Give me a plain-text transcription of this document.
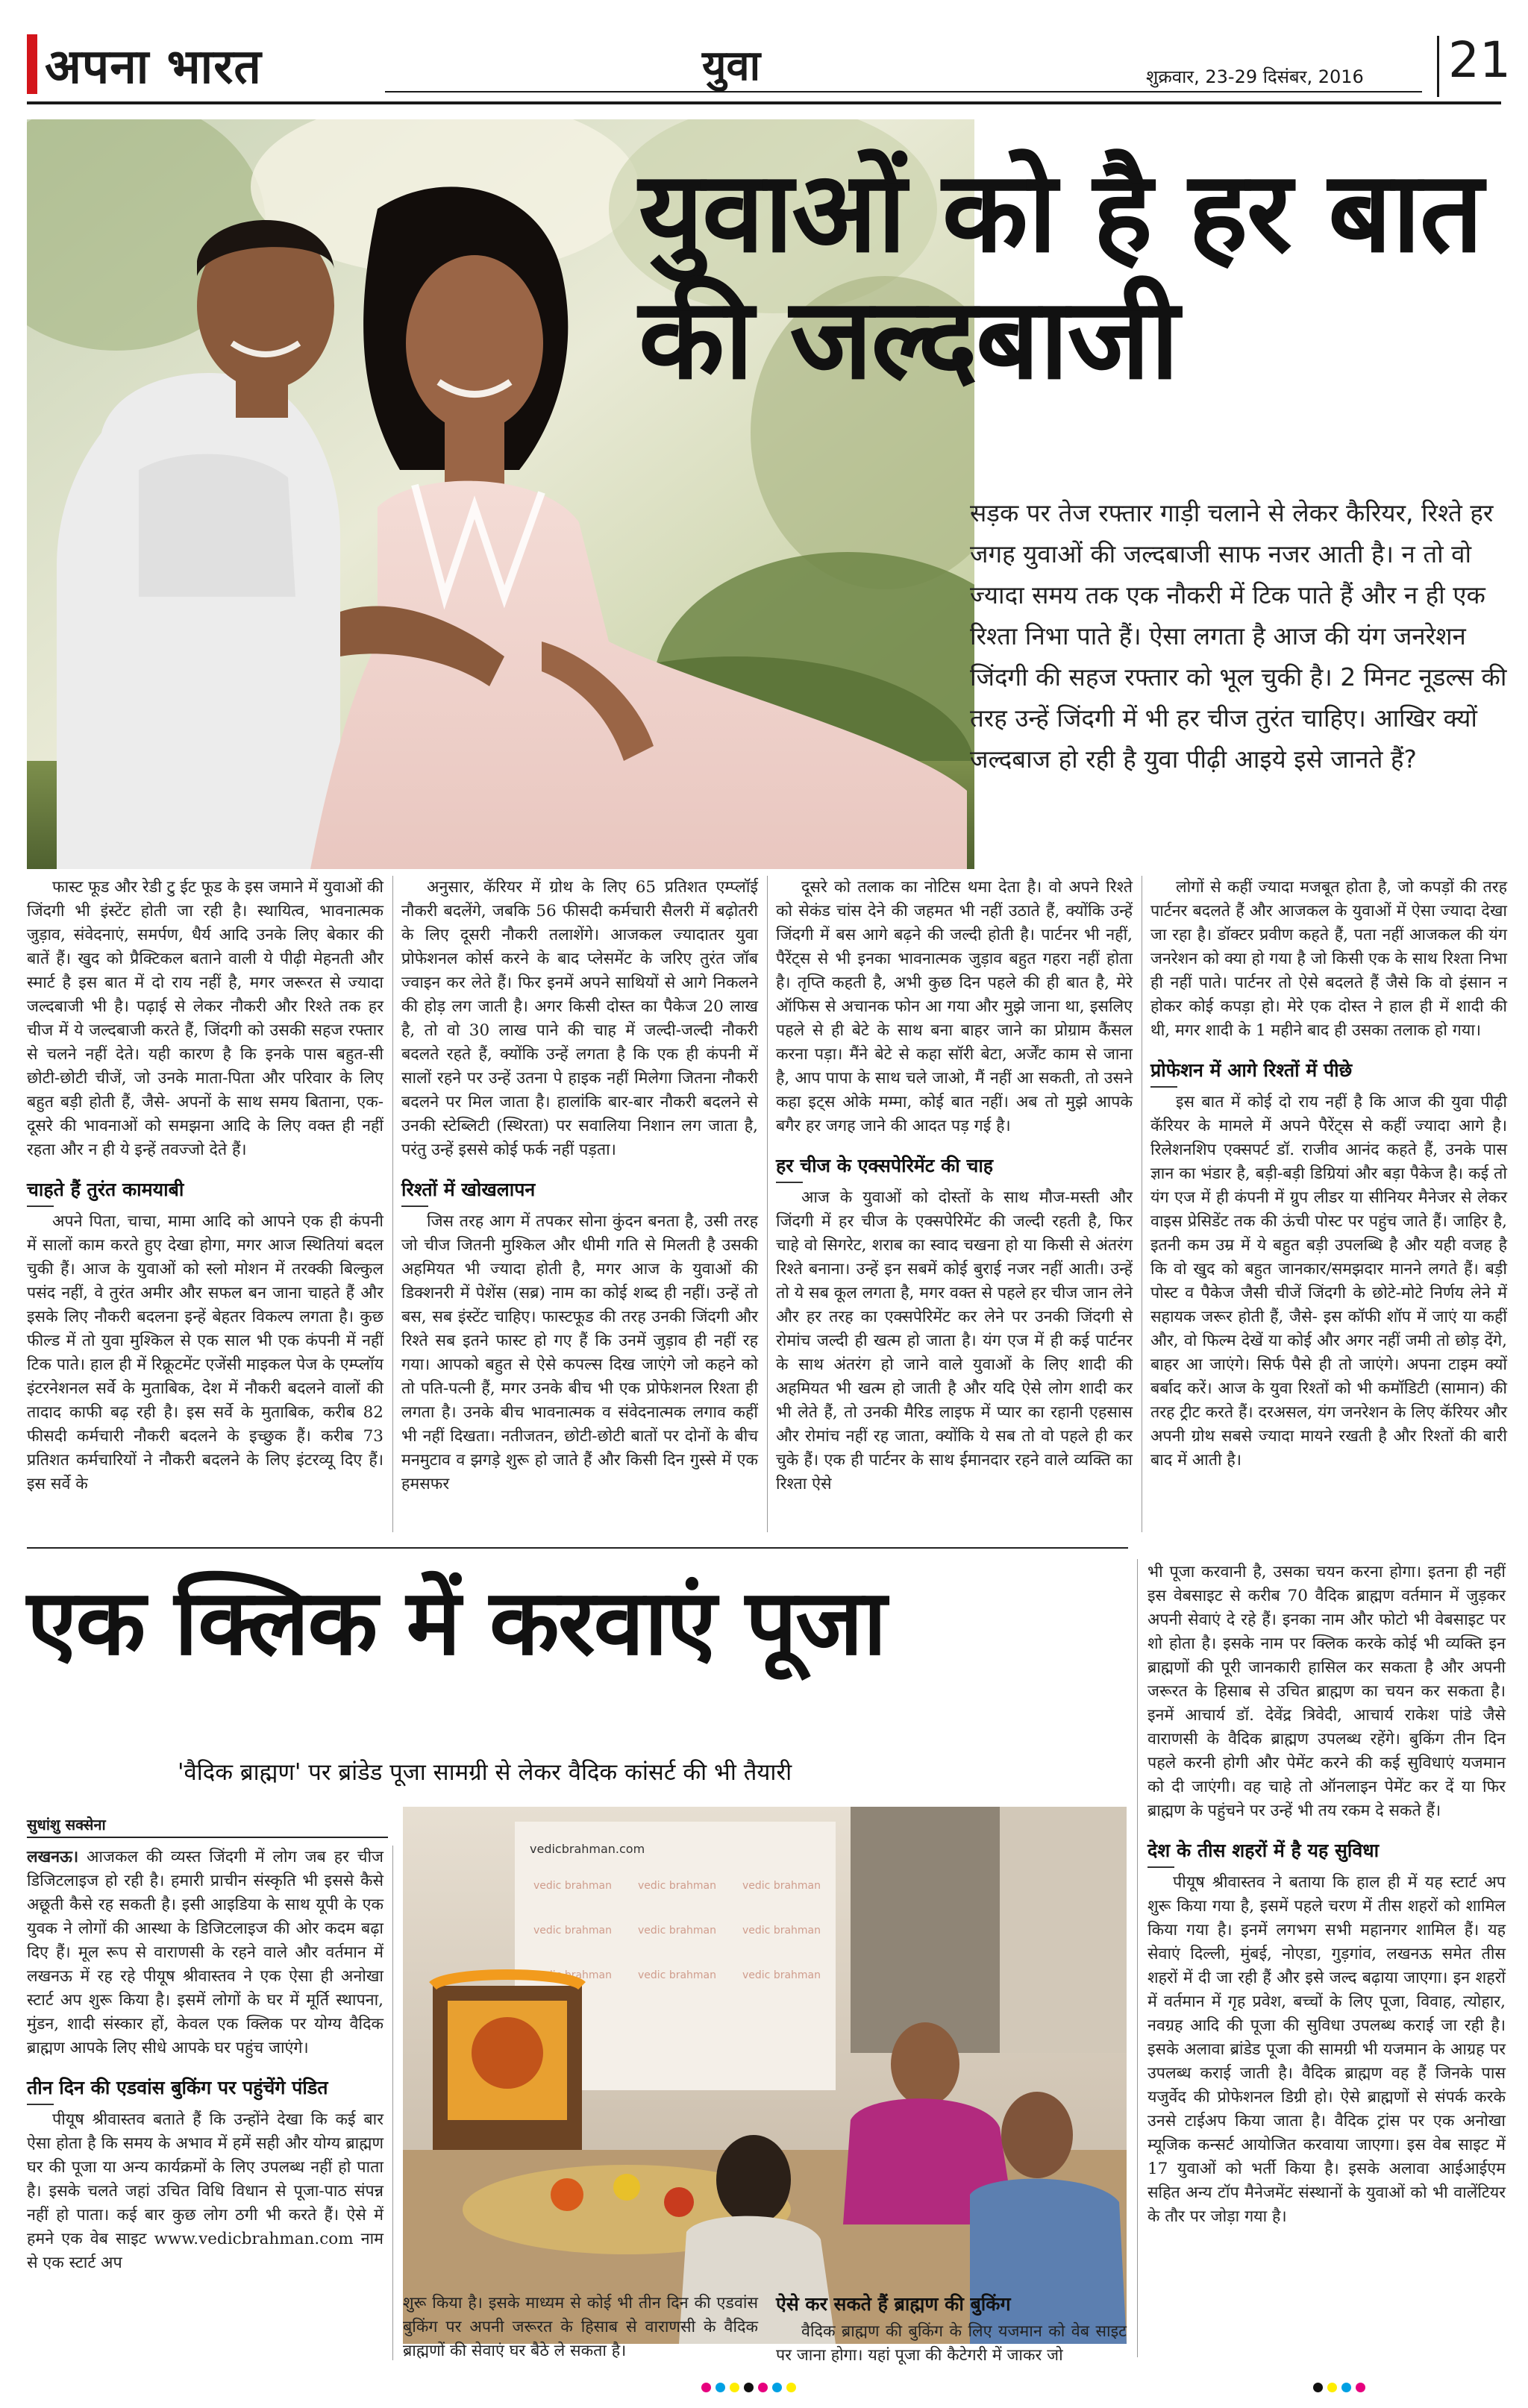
अपना भारत	युवा	शुक्रवार, 23-29 दिसंबर, 2016 21
युवाओं को है हर बात की जल्दबाजी
सड़क पर तेज रफ्तार गाड़ी चलाने से लेकर कैरियर, रिश्ते हर जगह युवाओं की जल्दबाजी साफ नजर आती है। न तो वो ज्यादा समय तक एक नौकरी में टिक पाते हैं और न ही एक रिश्ता निभा पाते हैं। ऐसा लगता है आज की यंग जनरेशन जिंदगी की सहज रफ्तार को भूल चुकी है। 2 मिनट नूडल्स की तरह उन्हें जिंदगी में भी हर चीज तुरंत चाहिए। आखिर क्यों जल्दबाज हो रही है युवा पीढ़ी आइये इसे जानते हैं?

फास्ट फूड और रेडी टु ईट फूड के इस जमाने में युवाओं की जिंदगी भी इंस्टेंट होती जा रही है। स्थायित्व, भावनात्मक जुड़ाव, संवेदनाएं, समर्पण, धैर्य आदि उनके लिए बेकार की बातें हैं। खुद को प्रैक्टिकल बताने वाली ये पीढ़ी मेहनती और स्मार्ट है इस बात में दो राय नहीं है, मगर जरूरत से ज्यादा जल्दबाजी भी है। पढ़ाई से लेकर नौकरी और रिश्ते तक हर चीज में ये जल्दबाजी करते हैं, जिंदगी को उसकी सहज रफ्तार से चलने नहीं देते। यही कारण है कि इनके पास बहुत-सी छोटी-छोटी चीजें, जो उनके माता-पिता और परिवार के लिए बहुत बड़ी होती हैं, जैसे- अपनों के साथ समय बिताना, एक-दूसरे की भावनाओं को समझना आदि के लिए वक्त ही नहीं रहता और न ही ये इन्हें तवज्जो देते हैं।

चाहते हैं तुरंत कामयाबी

अपने पिता, चाचा, मामा आदि को आपने एक ही कंपनी में सालों काम करते हुए देखा होगा, मगर आज स्थितियां बदल चुकी हैं। आज के युवाओं को स्लो मोशन में तरक्की बिल्कुल पसंद नहीं, वे तुरंत अमीर और सफल बन जाना चाहते हैं और इसके लिए नौकरी बदलना इन्हें बेहतर विकल्प लगता है। कुछ फील्ड में तो युवा मुश्किल से एक साल भी एक कंपनी में नहीं टिक पाते। हाल ही में रिक्रूटमेंट एजेंसी माइकल पेज के एम्प्लॉय इंटरनेशनल सर्वे के मुताबिक, देश में नौकरी बदलने वालों की तादाद काफी बढ़ रही है। इस सर्वे के मुताबिक, करीब 82 फीसदी कर्मचारी नौकरी बदलने के इच्छुक हैं। करीब 73 प्रतिशत कर्मचारियों ने नौकरी बदलने के लिए इंटरव्यू दिए हैं। इस सर्वे के

अनुसार, कॅरियर में ग्रोथ के लिए 65 प्रतिशत एम्प्लॉई नौकरी बदलेंगे, जबकि 56 फीसदी कर्मचारी सैलरी में बढ़ोतरी के लिए दूसरी नौकरी तलाशेंगे। आजकल ज्यादातर युवा प्रोफेशनल कोर्स करने के बाद प्लेसमेंट के जरिए तुरंत जॉब ज्वाइन कर लेते हैं। फिर इनमें अपने साथियों से आगे निकलने की होड़ लग जाती है। अगर किसी दोस्त का पैकेज 20 लाख है, तो वो 30 लाख पाने की चाह में जल्दी-जल्दी नौकरी बदलते रहते हैं, क्योंकि उन्हें लगता है कि एक ही कंपनी में सालों रहने पर उन्हें उतना पे हाइक नहीं मिलेगा जितना नौकरी बदलने पर मिल जाता है। हालांकि बार-बार नौकरी बदलने से उनकी स्टेब्लिटी (स्थिरता) पर सवालिया निशान लग जाता है, परंतु उन्हें इससे कोई फर्क नहीं पड़ता।

रिश्तों में खोखलापन

जिस तरह आग में तपकर सोना कुंदन बनता है, उसी तरह जो चीज जितनी मुश्किल और धीमी गति से मिलती है उसकी अहमियत भी ज्यादा होती है, मगर आज के युवाओं की डिक्शनरी में पेशेंस (सब्र) नाम का कोई शब्द ही नहीं। उन्हें तो बस, सब इंस्टेंट चाहिए। फास्टफूड की तरह उनकी जिंदगी और रिश्ते सब इतने फास्ट हो गए हैं कि उनमें जुड़ाव ही नहीं रह गया। आपको बहुत से ऐसे कपल्स दिख जाएंगे जो कहने को तो पति-पत्नी हैं, मगर उनके बीच भी एक प्रोफेशनल रिश्ता ही लगता है। उनके बीच भावनात्मक व संवेदनात्मक लगाव कहीं भी नहीं दिखता। नतीजतन, छोटी-छोटी बातों पर दोनों के बीच मनमुटाव व झगड़े शुरू हो जाते हैं और किसी दिन गुस्से में एक हमसफर

दूसरे को तलाक का नोटिस थमा देता है। वो अपने रिश्ते को सेकंड चांस देने की जहमत भी नहीं उठाते हैं, क्योंकि उन्हें जिंदगी में बस आगे बढ़ने की जल्दी होती है। पार्टनर भी नहीं, पैरेंट्स से भी इनका भावनात्मक जुड़ाव बहुत गहरा नहीं होता है। तृप्ति कहती है, अभी कुछ दिन पहले की ही बात है, मेरे ऑफिस से अचानक फोन आ गया और मुझे जाना था, इसलिए पहले से ही बेटे के साथ बना बाहर जाने का प्रोग्राम कैंसल करना पड़ा। मैंने बेटे से कहा सॉरी बेटा, अर्जेंट काम से जाना है, आप पापा के साथ चले जाओ, मैं नहीं आ सकती, तो उसने कहा इट्स ओके मम्मा, कोई बात नहीं। अब तो मुझे आपके बगैर हर जगह जाने की आदत पड़ गई है।

हर चीज के एक्सपेरिमेंट की चाह

आज के युवाओं को दोस्तों के साथ मौज-मस्ती और जिंदगी में हर चीज के एक्सपेरिमेंट की जल्दी रहती है, फिर चाहे वो सिगरेट, शराब का स्वाद चखना हो या किसी से अंतरंग रिश्ते बनाना। उन्हें इन सबमें कोई बुराई नजर नहीं आती। उन्हें तो ये सब कूल लगता है, मगर वक्त से पहले हर चीज जान लेने और हर तरह का एक्सपेरिमेंट कर लेने पर उनकी जिंदगी से रोमांच जल्दी ही खत्म हो जाता है। यंग एज में ही कई पार्टनर के साथ अंतरंग हो जाने वाले युवाओं के लिए शादी की अहमियत भी खत्म हो जाती है और यदि ऐसे लोग शादी कर भी लेते हैं, तो उनकी मैरिड लाइफ में प्यार का रहानी एहसास और रोमांच नहीं रह जाता, क्योंकि ये सब तो वो पहले ही कर चुके हैं। एक ही पार्टनर के साथ ईमानदार रहने वाले व्यक्ति का रिश्ता ऐसे

लोगों से कहीं ज्यादा मजबूत होता है, जो कपड़ों की तरह पार्टनर बदलते हैं और आजकल के युवाओं में ऐसा ज्यादा देखा जा रहा है। डॉक्टर प्रवीण कहते हैं, पता नहीं आजकल की यंग जनरेशन को क्या हो गया है जो किसी एक के साथ रिश्ता निभा ही नहीं पाते। पार्टनर तो ऐसे बदलते हैं जैसे कि वो इंसान न होकर कोई कपड़ा हो। मेरे एक दोस्त ने हाल ही में शादी की थी, मगर शादी के 1 महीने बाद ही उसका तलाक हो गया।

प्रोफेशन में आगे रिश्तों में पीछे

इस बात में कोई दो राय नहीं है कि आज की युवा पीढ़ी कॅरियर के मामले में अपने पैरेंट्स से कहीं ज्यादा आगे है। रिलेशनशिप एक्सपर्ट डॉ. राजीव आनंद कहते हैं, उनके पास ज्ञान का भंडार है, बड़ी-बड़ी डिग्रियां और बड़ा पैकेज है। कई तो यंग एज में ही कंपनी में ग्रुप लीडर या सीनियर मैनेजर से लेकर वाइस प्रेसिडेंट तक की ऊंची पोस्ट पर पहुंच जाते हैं। जाहिर है, इतनी कम उम्र में ये बहुत बड़ी उपलब्धि है और यही वजह है कि वो खुद को बहुत जानकार/समझदार मानने लगते हैं। बड़ी पोस्ट व पैकेज जैसी चीजें जिंदगी के छोटे-मोटे निर्णय लेने में सहायक जरूर होती हैं, जैसे- इस कॉफी शॉप में जाएं या कहीं और, वो फिल्म देखें या कोई और अगर नहीं जमी तो छोड़ देंगे, बाहर आ जाएंगे। सिर्फ पैसे ही तो जाएंगे। अपना टाइम क्यों बर्बाद करें। आज के युवा रिश्तों को भी कमॉडिटी (सामान) की तरह ट्रीट करते हैं। दरअसल, यंग जनरेशन के लिए कॅरियर और अपनी ग्रोथ सबसे ज्यादा मायने रखती है और रिश्तों की बारी बाद में आती है।

एक क्लिक में करवाएं पूजा
'वैदिक ब्राह्मण' पर ब्रांडेड पूजा सामग्री से लेकर वैदिक कांसर्ट की भी तैयारी
सुधांशु सक्सेना

लखनऊ। आजकल की व्यस्त जिंदगी में लोग जब हर चीज डिजिटलाइज हो रही है। हमारी प्राचीन संस्कृति भी इससे कैसे अछूती कैसे रह सकती है। इसी आइडिया के साथ यूपी के एक युवक ने लोगों की आस्था के डिजिटलाइज की ओर कदम बढ़ा दिए हैं। मूल रूप से वाराणसी के रहने वाले और वर्तमान में लखनऊ में रह रहे पीयूष श्रीवास्तव ने एक ऐसा ही अनोखा स्टार्ट अप शुरू किया है। इसमें लोगों के घर में मूर्ति स्थापना, मुंडन, शादी संस्कार हों, केवल एक क्लिक पर योग्य वैदिक ब्राह्मण आपके लिए सीधे आपके घर पहुंच जाएंगे।

तीन दिन की एडवांस बुकिंग पर पहुंचेंगे पंडित

पीयूष श्रीवास्तव बताते हैं कि उन्होंने देखा कि कई बार ऐसा होता है कि समय के अभाव में हमें सही और योग्य ब्राह्मण घर की पूजा या अन्य कार्यक्रमों के लिए उपलब्ध नहीं हो पाता है। इसके चलते जहां उचित विधि विधान से पूजा-पाठ संपन्न नहीं हो पाता। कई बार कुछ लोग ठगी भी करते हैं। ऐसे में हमने एक वेब साइट www.vedicbrahman.com नाम से एक स्टार्ट अप

vedic brahman vedic brahman vedic brahman
vedic brahman vedic brahman vedic brahman
vedic brahman vedic brahman vedic brahman
vedicbrahman.com

शुरू किया है। इसके माध्यम से कोई भी तीन दिन की एडवांस बुकिंग पर अपनी जरूरत के हिसाब से वाराणसी के वैदिक ब्राह्मणों की सेवाएं घर बैठे ले सकता है।

ऐसे कर सकते हैं ब्राह्मण की बुकिंग

वैदिक ब्राह्मण की बुकिंग के लिए यजमान को वेब साइट पर जाना होगा। यहां पूजा की कैटेगरी में जाकर जो

भी पूजा करवानी है, उसका चयन करना होगा। इतना ही नहीं इस वेबसाइट से करीब 70 वैदिक ब्राह्मण वर्तमान में जुड़कर अपनी सेवाएं दे रहे हैं। इनका नाम और फोटो भी वेबसाइट पर शो होता है। इसके नाम पर क्लिक करके कोई भी व्यक्ति इन ब्राह्मणों की पूरी जानकारी हासिल कर सकता है और अपनी जरूरत के हिसाब से उचित ब्राह्मण का चयन कर सकता है। इनमें आचार्य डॉ. देवेंद्र त्रिवेदी, आचार्य राकेश पांडे जैसे वाराणसी के वैदिक ब्राह्मण उपलब्ध रहेंगे। बुकिंग तीन दिन पहले करनी होगी और पेमेंट करने की कई सुविधाएं यजमान को दी जाएंगी। वह चाहे तो ऑनलाइन पेमेंट कर दें या फिर ब्राह्मण के पहुंचने पर उन्हें भी तय रकम दे सकते हैं।

देश के तीस शहरों में है यह सुविधा

पीयूष श्रीवास्तव ने बताया कि हाल ही में यह स्टार्ट अप शुरू किया गया है, इसमें पहले चरण में तीस शहरों को शामिल किया गया है। इनमें लगभग सभी महानगर शामिल हैं। यह सेवाएं दिल्ली, मुंबई, नोएडा, गुड़गांव, लखनऊ समेत तीस शहरों में दी जा रही हैं और इसे जल्द बढ़ाया जाएगा। इन शहरों में वर्तमान में गृह प्रवेश, बच्चों के लिए पूजा, विवाह, त्योहार, नवग्रह आदि की पूजा की सुविधा उपलब्ध कराई जा रही है। इसके अलावा ब्रांडेड पूजा की सामग्री भी यजमान के आग्रह पर उपलब्ध कराई जाती है। वैदिक ब्राह्मण वह हैं जिनके पास यजुर्वेद की प्रोफेशनल डिग्री हो। ऐसे ब्राह्मणों से संपर्क करके उनसे टाईअप किया जाता है। वैदिक ट्रांस पर एक अनोखा म्यूजिक कन्सर्ट आयोजित करवाया जाएगा। इस वेब साइट में 17 युवाओं को भर्ती किया है। इसके अलावा आईआईएम सहित अन्य टॉप मैनेजमेंट संस्थानों के युवाओं को भी वालेंटियर के तौर पर जोड़ा गया है।
